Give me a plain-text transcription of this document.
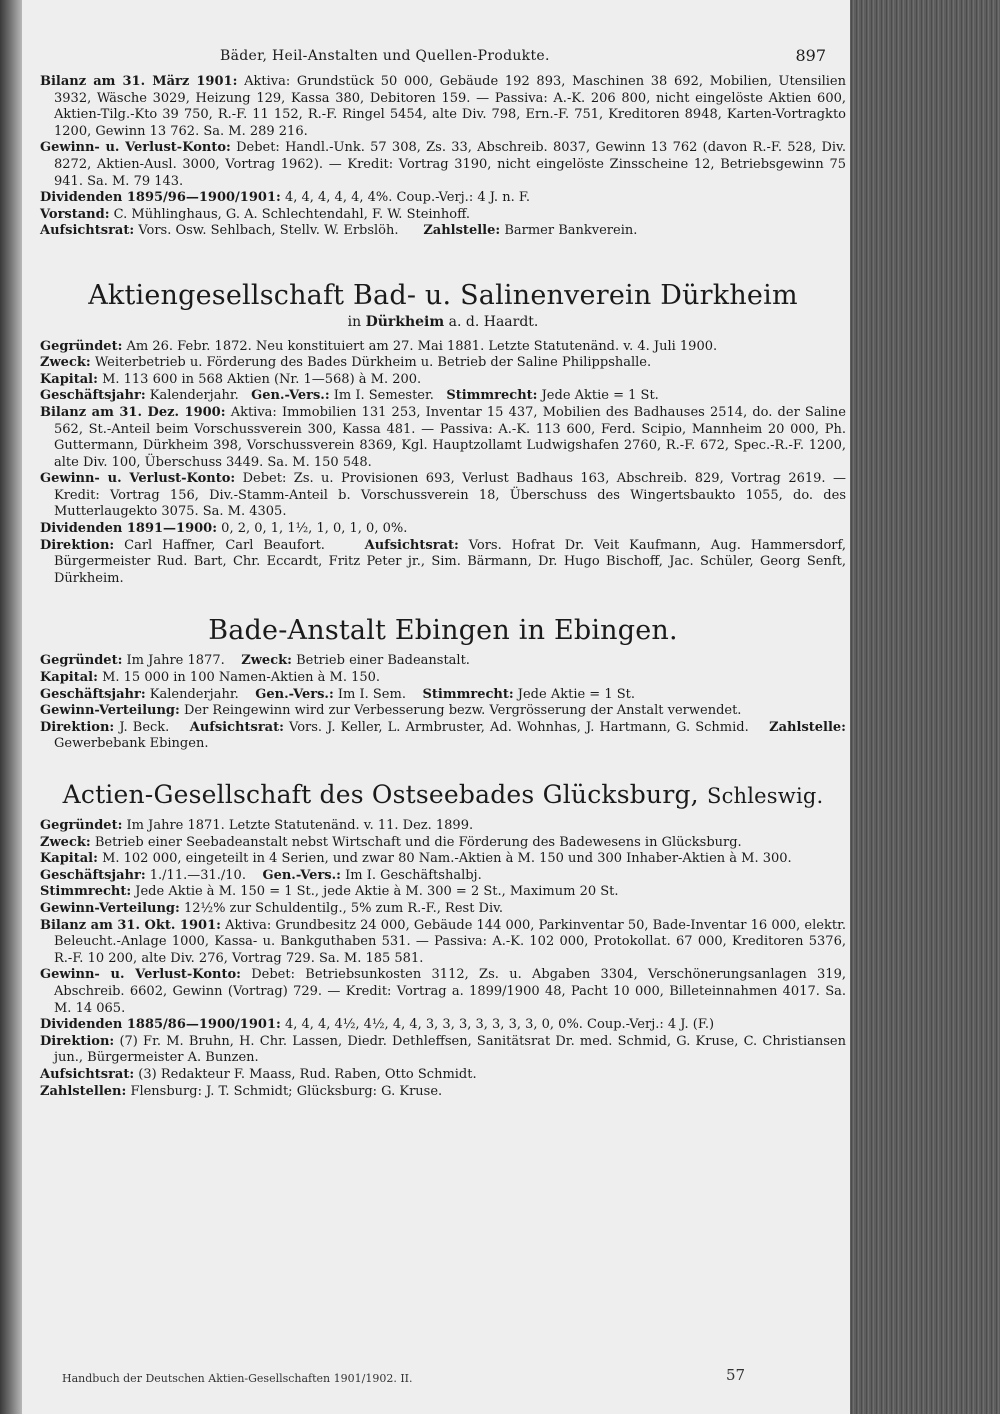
Bäder, Heil-Anstalten und Quellen-Produkte.	897

Bilanz am 31. März 1901: Aktiva: Grundstück 50 000, Gebäude 192 893, Maschinen 38 692, Mobilien, Utensilien 3932, Wäsche 3029, Heizung 129, Kassa 380, Debitoren 159. — Passiva: A.-K. 206 800, nicht eingelöste Aktien 600, Aktien-Tilg.-Kto 39 750, R.-F. 11 152, R.-F. Ringel 5454, alte Div. 798, Ern.-F. 751, Kreditoren 8948, Karten-Vortragkto 1200, Gewinn 13 762. Sa. M. 289 216.

Gewinn- u. Verlust-Konto: Debet: Handl.-Unk. 57 308, Zs. 33, Abschreib. 8037, Gewinn 13 762 (davon R.-F. 528, Div. 8272, Aktien-Ausl. 3000, Vortrag 1962). — Kredit: Vortrag 3190, nicht eingelöste Zinsscheine 12, Betriebsgewinn 75 941. Sa. M. 79 143.

Dividenden 1895/96—1900/1901: 4, 4, 4, 4, 4, 4%. Coup.-Verj.: 4 J. n. F.

Vorstand: C. Mühlinghaus, G. A. Schlechtendahl, F. W. Steinhoff.

Aufsichtsrat: Vors. Osw. Sehlbach, Stellv. W. Erbslöh. Zahlstelle: Barmer Bankverein.

Aktiengesellschaft Bad- u. Salinenverein Dürkheim
in Dürkheim a. d. Haardt.

Gegründet: Am 26. Febr. 1872. Neu konstituiert am 27. Mai 1881. Letzte Statutenänd. v. 4. Juli 1900.

Zweck: Weiterbetrieb u. Förderung des Bades Dürkheim u. Betrieb der Saline Philippshalle.

Kapital: M. 113 600 in 568 Aktien (Nr. 1—568) à M. 200.

Geschäftsjahr: Kalenderjahr. Gen.-Vers.: Im I. Semester. Stimmrecht: Jede Aktie = 1 St.

Bilanz am 31. Dez. 1900: Aktiva: Immobilien 131 253, Inventar 15 437, Mobilien des Badhauses 2514, do. der Saline 562, St.-Anteil beim Vorschussverein 300, Kassa 481. — Passiva: A.-K. 113 600, Ferd. Scipio, Mannheim 20 000, Ph. Guttermann, Dürkheim 398, Vorschussverein 8369, Kgl. Hauptzollamt Ludwigshafen 2760, R.-F. 672, Spec.-R.-F. 1200, alte Div. 100, Überschuss 3449. Sa. M. 150 548.

Gewinn- u. Verlust-Konto: Debet: Zs. u. Provisionen 693, Verlust Badhaus 163, Abschreib. 829, Vortrag 2619. — Kredit: Vortrag 156, Div.-Stamm-Anteil b. Vorschussverein 18, Überschuss des Wingertsbaukto 1055, do. des Mutterlaugekto 3075. Sa. M. 4305.

Dividenden 1891—1900: 0, 2, 0, 1, 1½, 1, 0, 1, 0, 0%.

Direktion: Carl Haffner, Carl Beaufort.	Aufsichtsrat: Vors. Hofrat Dr. Veit Kaufmann, Aug. Hammersdorf, Bürgermeister Rud. Bart, Chr. Eccardt, Fritz Peter jr., Sim. Bärmann, Dr. Hugo Bischoff, Jac. Schüler, Georg Senft, Dürkheim.

Bade-Anstalt Ebingen in Ebingen.

Gegründet: Im Jahre 1877. Zweck: Betrieb einer Badeanstalt.

Kapital: M. 15 000 in 100 Namen-Aktien à M. 150.

Geschäftsjahr: Kalenderjahr. Gen.-Vers.: Im I. Sem. Stimmrecht: Jede Aktie = 1 St.

Gewinn-Verteilung: Der Reingewinn wird zur Verbesserung bezw. Vergrösserung der Anstalt verwendet.

Direktion: J. Beck. Aufsichtsrat: Vors. J. Keller, L. Armbruster, Ad. Wohnhas, J. Hartmann, G. Schmid. Zahlstelle: Gewerbebank Ebingen.

Actien-Gesellschaft des Ostseebades Glücksburg, Schleswig.

Gegründet: Im Jahre 1871. Letzte Statutenänd. v. 11. Dez. 1899.

Zweck: Betrieb einer Seebadeanstalt nebst Wirtschaft und die Förderung des Badewesens in Glücksburg.

Kapital: M. 102 000, eingeteilt in 4 Serien, und zwar 80 Nam.-Aktien à M. 150 und 300 Inhaber-Aktien à M. 300.

Geschäftsjahr: 1./11.—31./10. Gen.-Vers.: Im I. Geschäftshalbj.

Stimmrecht: Jede Aktie à M. 150 = 1 St., jede Aktie à M. 300 = 2 St., Maximum 20 St.

Gewinn-Verteilung: 12½% zur Schuldentilg., 5% zum R.-F., Rest Div.

Bilanz am 31. Okt. 1901: Aktiva: Grundbesitz 24 000, Gebäude 144 000, Parkinventar 50, Bade-Inventar 16 000, elektr. Beleucht.-Anlage 1000, Kassa- u. Bankguthaben 531. — Passiva: A.-K. 102 000, Protokollat. 67 000, Kreditoren 5376, R.-F. 10 200, alte Div. 276, Vortrag 729. Sa. M. 185 581.

Gewinn- u. Verlust-Konto: Debet: Betriebsunkosten 3112, Zs. u. Abgaben 3304, Verschönerungsanlagen 319, Abschreib. 6602, Gewinn (Vortrag) 729. — Kredit: Vortrag a. 1899/1900 48, Pacht 10 000, Billeteinnahmen 4017. Sa. M. 14 065.

Dividenden 1885/86—1900/1901: 4, 4, 4, 4½, 4½, 4, 4, 3, 3, 3, 3, 3, 3, 3, 0, 0%. Coup.-Verj.: 4 J. (F.)

Direktion: (7) Fr. M. Bruhn, H. Chr. Lassen, Diedr. Dethleffsen, Sanitätsrat Dr. med. Schmid, G. Kruse, C. Christiansen jun., Bürgermeister A. Bunzen.

Aufsichtsrat: (3) Redakteur F. Maass, Rud. Raben, Otto Schmidt.

Zahlstellen: Flensburg: J. T. Schmidt; Glücksburg: G. Kruse.

Handbuch der Deutschen Aktien-Gesellschaften 1901/1902. II.	57
